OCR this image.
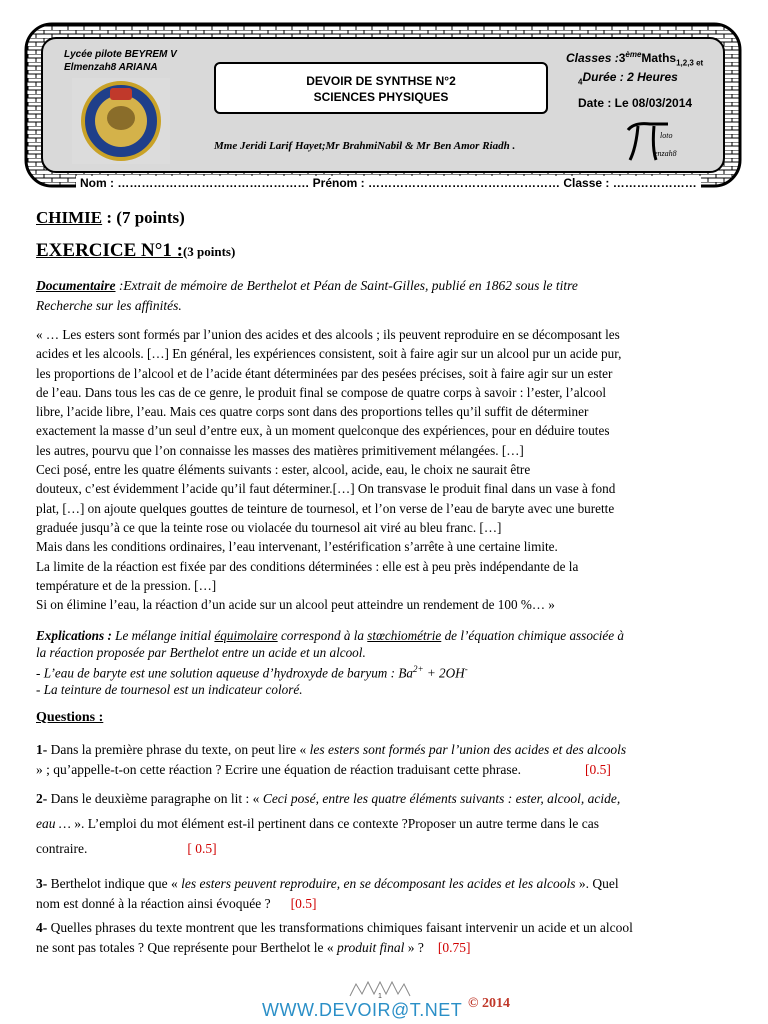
Lycée pilote BEYREM V
Elmenzah8 ARIANA
DEVOIR DE SYNTHSE N°2
SCIENCES PHYSIQUES
Classes :3èmeMaths$_{1,2,3 et}$
$_4$Durée : 2 Heures
Date : Le 08/03/2014
Mme Jeridi Larif Hayet;Mr BrahmiNabil & Mr Ben Amor Riadh .
loto
enzah8
Nom : ………………………………………… Prénom : ………………………………………… Classe : …………………
CHIMIE : (7 points)
EXERCICE N°1 :(3 points)
Documentaire :Extrait de mémoire de Berthelot et Péan de Saint-Gilles, publié en 1862 sous le titre
Recherche sur les affinités.
« … Les esters sont formés par l’union des acides et des alcools ; ils peuvent reproduire en se décomposant les
acides et les alcools. […] En général, les expériences consistent, soit à faire agir sur un alcool pur un acide pur,
les proportions de l’alcool et de l’acide étant déterminées par des pesées précises, soit à faire agir sur un ester
de l’eau. Dans tous les cas de ce genre, le produit final se compose de quatre corps à savoir : l’ester, l’alcool
libre, l’acide libre, l’eau. Mais ces quatre corps sont dans des proportions telles qu’il suffit de déterminer
exactement la masse d’un seul d’entre eux, à un moment quelconque des expériences, pour en déduire toutes
les autres, pourvu que l’on connaisse les masses des matières primitivement mélangées. […]
Ceci posé, entre les quatre éléments suivants : ester, alcool, acide, eau, le choix ne saurait être
douteux, c’est évidemment l’acide qu’il faut déterminer.[…] On transvase le produit final dans un vase à fond
plat, […] on ajoute quelques gouttes de teinture de tournesol, et l’on verse de l’eau de baryte avec une burette
graduée jusqu’à ce que la teinte rose ou violacée du tournesol ait viré au bleu franc. […]
Mais dans les conditions ordinaires, l’eau intervenant, l’estérification s’arrête à une certaine limite.
La limite de la réaction est fixée par des conditions déterminées : elle est à peu près indépendante de la
température et de la pression. […]
Si on élimine l’eau, la réaction d’un acide sur un alcool peut atteindre un rendement de 100 %… »
Explications : Le mélange initial équimolaire correspond à la stœchiométrie de l’équation chimique associée à
la réaction proposée par Berthelot entre un acide et un alcool.
- L’eau de baryte est une solution aqueuse d’hydroxyde de baryum : $Ba^{2+} + 2OH^-$
- La teinture de tournesol est un indicateur coloré.
Questions :
1- Dans la première phrase du texte, on peut lire « les esters sont formés par l’union des acides et des alcools
» ; qu’appelle-t-on cette réaction ? Ecrire une équation de réaction traduisant cette phrase.	[0.5]
2- Dans le deuxième paragraphe on lit : « Ceci posé, entre les quatre éléments suivants : ester, alcool, acide,
eau … ». L’emploi du mot élément est-il pertinent dans ce contexte ?Proposer un autre terme dans le cas
contraire.	[ 0.5]
3- Berthelot indique que « les esters peuvent reproduire, en se décomposant les acides et les alcools ». Quel
nom est donné à la réaction ainsi évoquée ? [0.5]
4- Quelles phrases du texte montrent que les transformations chimiques faisant intervenir un acide et un alcool
ne sont pas totales ? Que représente pour Berthelot le « produit final » ? [0.75]
1
WWW.DEVOIR@T.NET © 2014
